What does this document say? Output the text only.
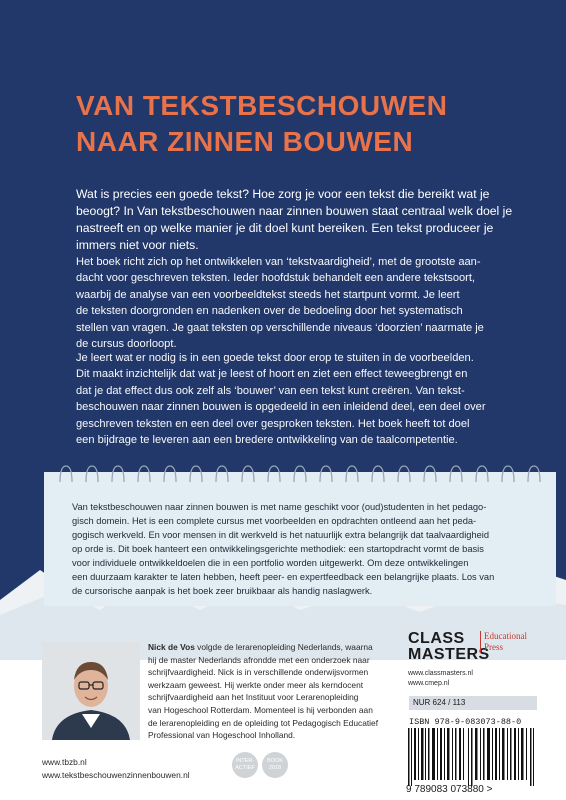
VAN TEKSTBESCHOUWEN
NAAR ZINNEN BOUWEN
Wat is precies een goede tekst? Hoe zorg je voor een tekst die bereikt wat je
beoogt? In Van tekstbeschouwen naar zinnen bouwen staat centraal welk doel je
nastreeft en op welke manier je dit doel kunt bereiken. Een tekst produceer je
immers niet voor niets.
Het boek richt zich op het ontwikkelen van ‘tekstvaardigheid’, met de grootste aan-
dacht voor geschreven teksten. Ieder hoofdstuk behandelt een andere tekstsoort,
waarbij de analyse van een voorbeeldtekst steeds het startpunt vormt. Je leert
de teksten doorgronden en nadenken over de bedoeling door het systematisch
stellen van vragen. Je gaat teksten op verschillende niveaus ‘doorzien’ naarmate je
de cursus doorloopt.
Je leert wat er nodig is in een goede tekst door erop te stuiten in de voorbeelden.
Dit maakt inzichtelijk dat wat je leest of hoort en ziet een effect teweegbrengt en
dat je dat effect dus ook zelf als ‘bouwer’ van een tekst kunt creëren. Van tekst-
beschouwen naar zinnen bouwen is opgedeeld in een inleidend deel, een deel over
geschreven teksten en een deel over gesproken teksten. Het boek heeft tot doel
een bijdrage te leveren aan een bredere ontwikkeling van de taalcompetentie.
Van tekstbeschouwen naar zinnen bouwen is met name geschikt voor (oud)studenten in het pedago-
gisch domein. Het is een complete cursus met voorbeelden en opdrachten ontleend aan het peda-
gogisch werkveld. En voor mensen in dit werkveld is het natuurlijk extra belangrijk dat taalvaardigheid
op orde is. Dit boek hanteert een ontwikkelingsgerichte methodiek: een startopdracht vormt de basis
voor individuele ontwikkeldoelen die in een portfolio worden uitgewerkt. Om deze ontwikkelingen
een duurzaam karakter te laten hebben, heeft peer- en expertfeedback een belangrijke plaats. Los van
de cursorische aanpak is het boek zeer bruikbaar als handig naslagwerk.
Nick de Vos volgde de lerarenopleiding Nederlands, waarna
hij de master Nederlands afrondde met een onderzoek naar
schrijfvaardigheid. Nick is in verschillende onderwijsvormen
werkzaam geweest. Hij werkte onder meer als kerndocent
schrijfvaardigheid aan het Instituut voor Lerarenopleiding
van Hogeschool Rotterdam. Momenteel is hij verbonden aan
de lerarenopleiding en de opleiding tot Pedagogisch Educatief
Professional van Hogeschool Inholland.
www.tbzb.nl
www.tekstbeschouwenzinnenbouwen.nl
INTER-ACTIEF
BOOK 2018
CLASS
MASTERS
Educational
Press
www.classmasters.nl
www.cmep.nl
NUR 624 / 113
ISBN 978-9-083073-88-0
9 789083 073880 >
